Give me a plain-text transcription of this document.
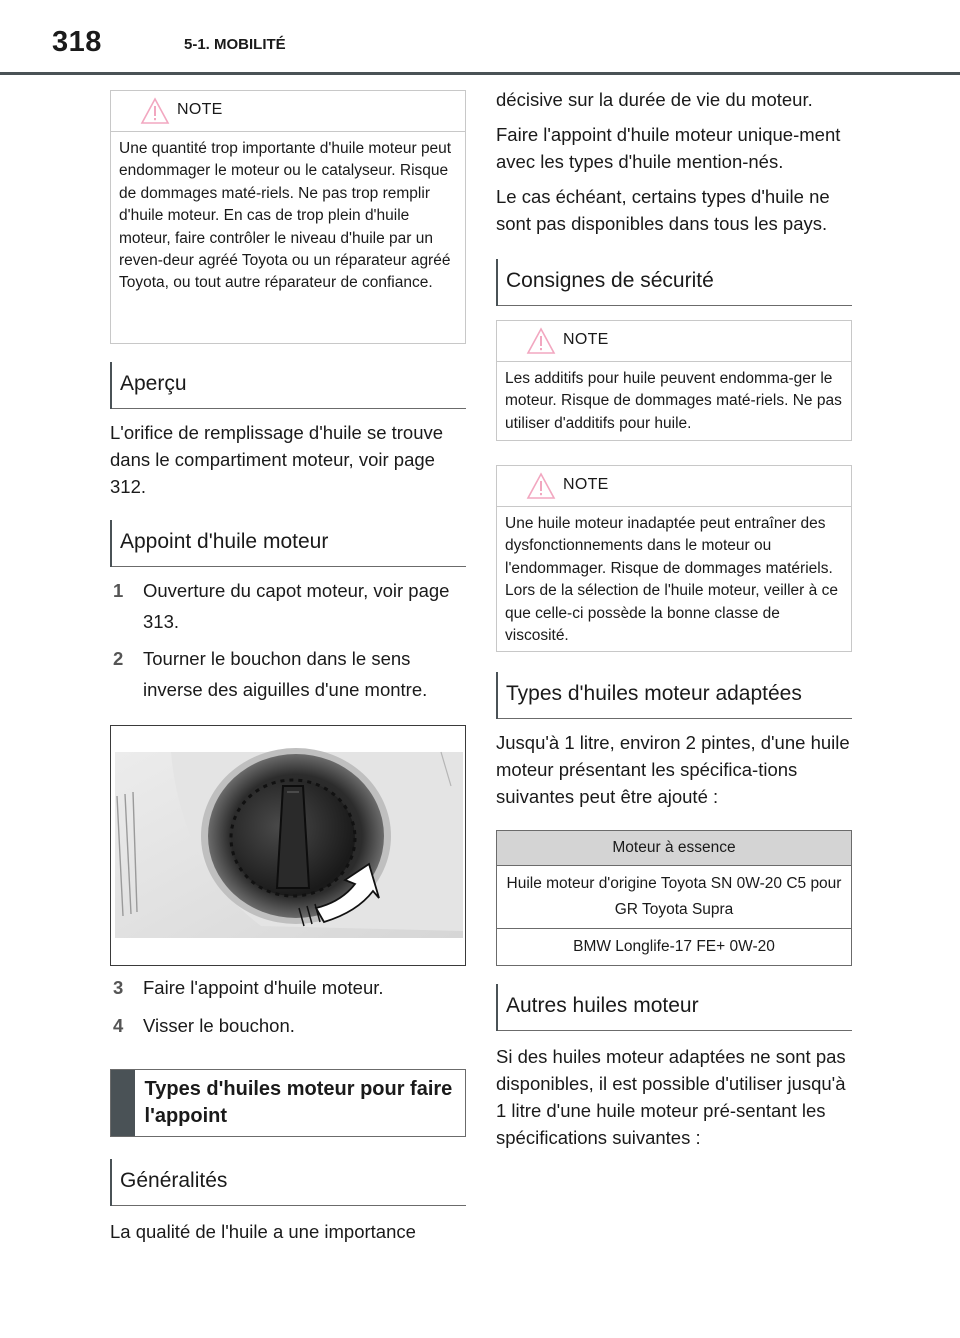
318	5-1. MOBILITÉ
NOTE
Une quantité trop importante d'huile moteur peut endommager le moteur ou le catalyseur. Risque de dommages maté-riels. Ne pas trop remplir d'huile moteur. En cas de trop plein d'huile moteur, faire contrôler le niveau d'huile par un reven-deur agréé Toyota ou un réparateur agréé Toyota, ou tout autre réparateur de confiance.
Aperçu
L'orifice de remplissage d'huile se trouve dans le compartiment moteur, voir page 312.
Appoint d'huile moteur
1 Ouverture du capot moteur, voir page 313.
2 Tourner le bouchon dans le sens inverse des aiguilles d'une montre.
3 Faire l'appoint d'huile moteur.
4 Visser le bouchon.
Types d'huiles moteur pour faire l'appoint
Généralités
La qualité de l'huile a une importance
décisive sur la durée de vie du moteur.
Faire l'appoint d'huile moteur unique-ment avec les types d'huile mention-nés.
Le cas échéant, certains types d'huile ne sont pas disponibles dans tous les pays.
Consignes de sécurité
NOTE
Les additifs pour huile peuvent endomma-ger le moteur. Risque de dommages maté-riels. Ne pas utiliser d'additifs pour huile.
NOTE
Une huile moteur inadaptée peut entraîner des dysfonctionnements dans le moteur ou l'endommager. Risque de dommages matériels. Lors de la sélection de l'huile moteur, veiller à ce que celle-ci possède la bonne classe de viscosité.
Types d'huiles moteur adaptées
Jusqu'à 1 litre, environ 2 pintes, d'une huile moteur présentant les spécifica-tions suivantes peut être ajouté :
Moteur à essence
Huile moteur d'origine Toyota SN 0W-20 C5 pour GR Toyota Supra
BMW Longlife-17 FE+ 0W-20
Autres huiles moteur
Si des huiles moteur adaptées ne sont pas disponibles, il est possible d'utiliser jusqu'à 1 litre d'une huile moteur pré-sentant les spécifications suivantes :
